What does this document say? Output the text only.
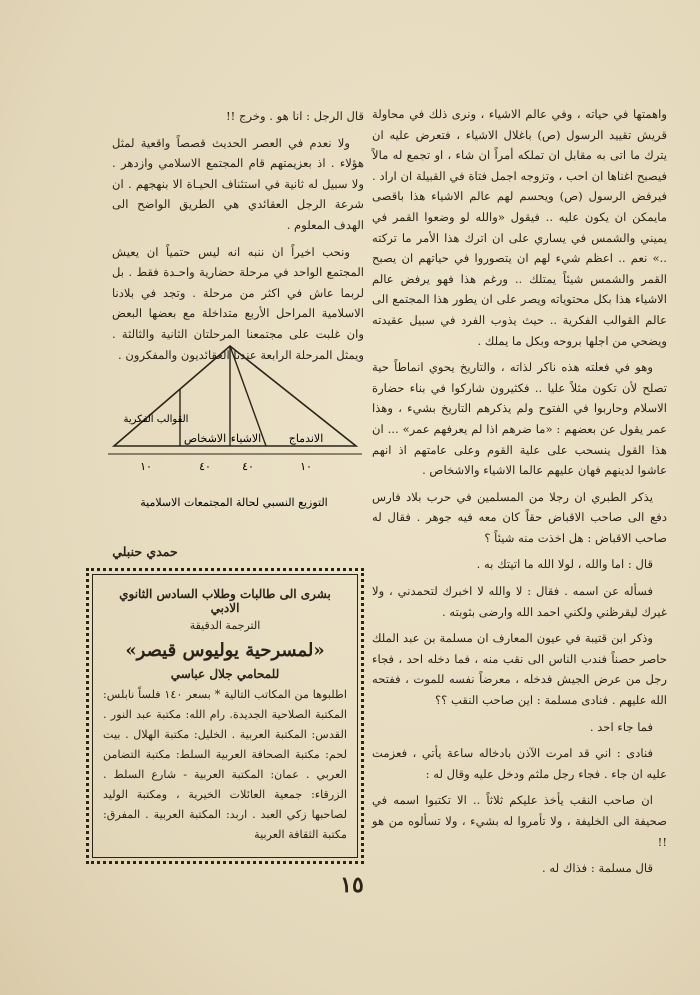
واهمتها في حياته ، وفي عالم الاشياء ، ونرى ذلك في محاولة قريش تقييد الرسول (ص) باغلال الاشياء ، فتعرض عليه ان يترك ما اتى به مقابل ان تملكه أمراً ان شاء ، او تجمع له مالاً فيصبح اغناها ان احب ، وتزوجه اجمل فتاة في القبيلة ان اراد . فيرفض الرسول (ص) ويحسم لهم عالم الاشياء هذا باقصى مايمكن ان يكون عليه .. فيقول «والله لو وضعوا القمر في يميني والشمس في يساري على ان اترك هذا الأمر ما تركته ..» نعم .. اعظم شيء لهم ان يتصوروا في حياتهم ان يصبح القمر والشمس شيئاً يمتلك .. ورغم هذا فهو يرفض عالم الاشياء هذا بكل محتوياته ويصر على ان يطور هذا المجتمع الى عالم القوالب الفكرية .. حيث يذوب الفرد في سبيل عقيدته ويضحي من اجلها بروحه وبكل ما يملك .

وهو في فعلته هذه ناكر لذاته ، والتاريخ يحوي انماطاً حية تصلح لأن تكون مثلاً عليا .. فكثيرون شاركوا في بناء حضارة الاسلام وحاربوا في الفتوح ولم يذكرهم التاريخ بشيء ، وهذا عمر يقول عن بعضهم : «ما ضرهم اذا لم يعرفهم عمر» ... ان هذا القول ينسحب على علية القوم وعلى عامتهم اذ انهم عاشوا لدينهم فهان عليهم عالما الاشياء والاشخاص .

يذكر الطبري ان رجلا من المسلمين في حرب بلاد فارس دفع الى صاحب الاقباض حقاً كان معه فيه جوهر . فقال له صاحب الاقباض : هل اخذت منه شيئاً ؟

قال : اما والله ، لولا الله ما اتيتك به .

فسأله عن اسمه . فقال : لا والله لا اخبرك لتحمدني ، ولا غيرك ليقرظني ولكني احمد الله وارضى بثوبته .

وذكر ابن قتيبة في عيون المعارف ان مسلمة بن عبد الملك حاصر حصناً فندب الناس الى نقب منه ، فما دخله احد ، فجاء رجل من عرض الجيش فدخله ، معرضاً نفسه للموت ، ففتحه الله عليهم . فنادى مسلمة : اين صاحب النقب ؟؟

فما جاء احد .

فنادى : اني قد امرت الآذن بادخاله ساعة يأتي ، فعزمت عليه ان جاء . فجاء رجل ملثم ودخل عليه وقال له :

ان صاحب النقب يأخذ عليكم ثلاثاً .. الا تكتبوا اسمه في صحيفة الى الخليفة ، ولا تأمروا له بشيء ، ولا تسألوه من هو !!

قال مسلمة : فذاك له .

قال الرجل : انا هو . وخرج !!

ولا نعدم في العصر الحديث قصصاً واقعية لمثل هؤلاء . اذ بعزيمتهم قام المجتمع الاسلامي وازدهر . ولا سبيل له ثانية في استئناف الحيـاة الا بنهجهم . ان شرعة الرجل العقائدي هي الطريق الواضح الى الهدف المعلوم .

ونحب اخيراً ان ننبه انه ليس حتمياً ان يعيش المجتمع الواحد في مرحلة حضارية واحـدة فقط . بل لربما عاش في اكثر من مرحلة . وتجد في بلادنا الاسلامية المراحل الأربع متداخلة مع بعضها البعض وان غلبت على مجتمعنا المرحلتان الثانية والثالثة . ويمثل المرحلة الرابعة عندنا العقائديون والمفكرون .

الاندماج
الاشياء
الاشخاص
القوالب الفكرية
١٠
٤٠
٤٠
١٠
التوزيع النسبي لحالة المجتمعات الاسلامية
حمدي حنبلي
بشرى الى طالبات وطلاب السادس الثانوي الادبي
الترجمة الدقيقة
«لمسرحية يوليوس قيصر»
للمحامي جلال عباسي
اطلبوها من المكاتب التالية * بسعر ١٤٠ فلساً نابلس: المكتبة الصلاحية الجديدة. رام الله: مكتبة عبد النور . القدس: المكتبة العربية . الخليل: مكتبة الهلال . بيت لحم: مكتبة الصحافة العربية السلط: مكتبة التضامن العربي . عمان: المكتبة العربية - شارع السلط . الزرقاء: جمعية العائلات الخيرية ، ومكتبة الوليد لصاحبها زكي العبد . اربد: المكتبة العربية . المفرق: مكتبة الثقافة العربية
١٥
